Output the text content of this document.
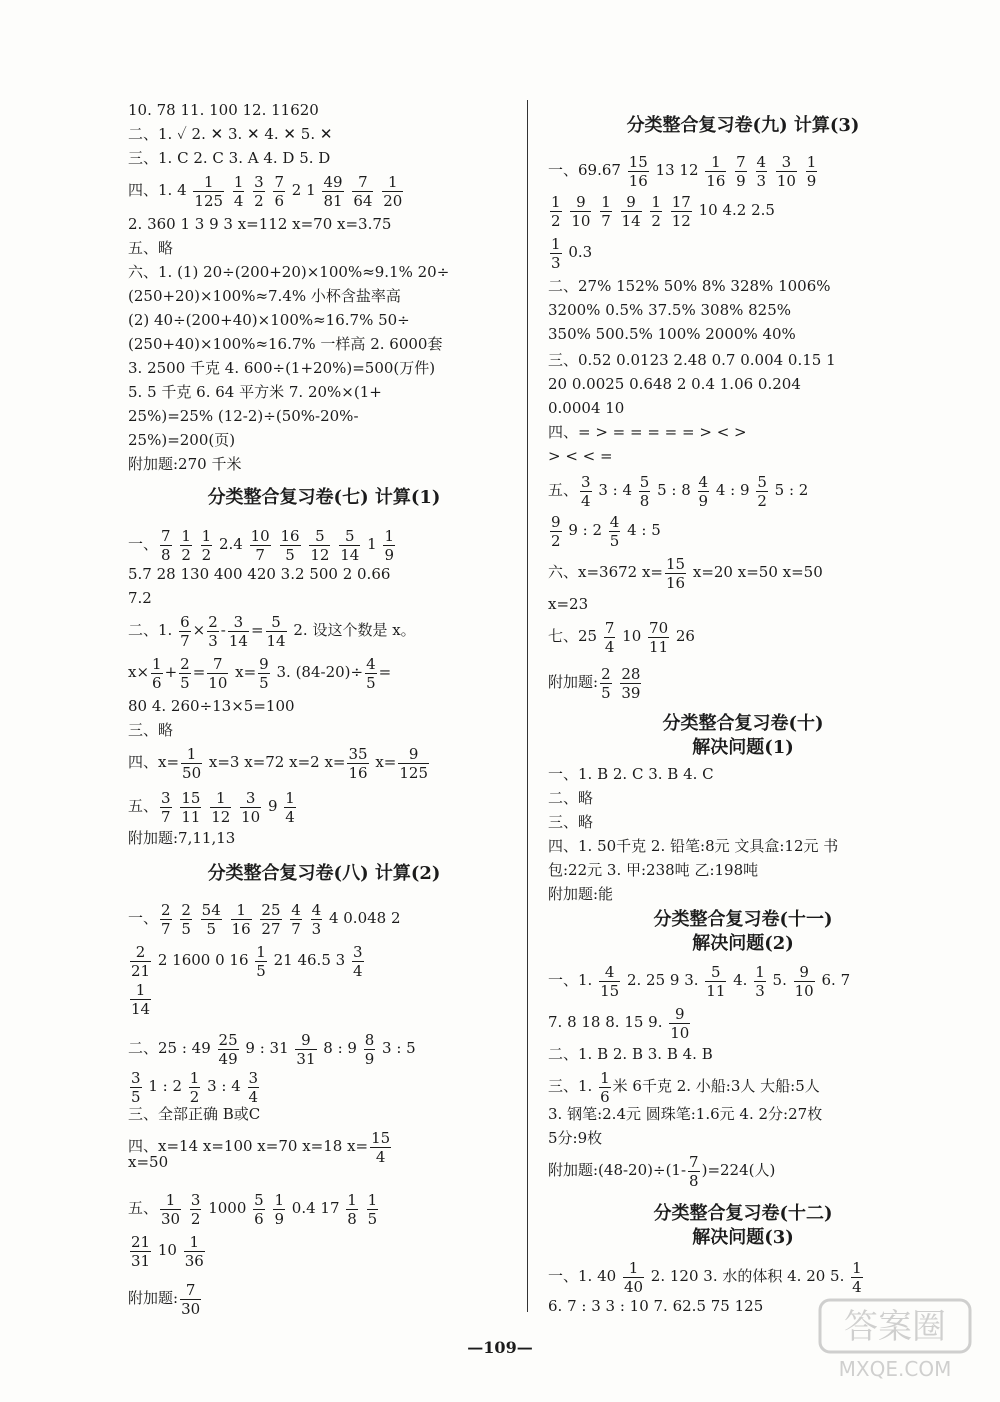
10. 78 11. 100 12. 11620
二、1. ✓ 2. ✕ 3. ✕ 4. ✕ 5. ✕
三、1. C 2. C 3. A 4. D 5. D
四、1. $4 \frac{1}{125}$
$\frac{1}{4}$
$\frac{3}{2}$
$\frac{7}{6} 2$ $1 \frac{49}{81}$
$\frac{7}{64}$
$\frac{1}{20}$
2. 360 1 3 9 3 x=112 x=70 x=3.75
五、略
六、1. (1) 20÷(200+20)×100%≈9.1% 20÷
(250+20)×100%≈7.4% 小杯含盐率高
(2) 40÷(200+40)×100%≈16.7% 50÷
(250+40)×100%≈16.7% 一样高 2. 6000套
3. 2500 千克 4. 600÷(1+20%)=500(万件)
5. 5 千克 6. 64 平方米 7. 20%×(1+
25%)=25% (12-2)÷(50%-20%-
25%)=200(页)
附加题:270 千米
分类整合复习卷(七) 计算(1)
一、 $\frac{7}{8}$
$\frac{1}{2}$
$\frac{1}{2} 2.4 \frac{10}{7}$
$\frac{16}{5}$
$\frac{5}{12}$
$\frac{5}{14} 1 \frac{1}{9}$
5.7 28 130 400 420 3.2 500 2 0.66
7.2
二、1. $\frac{6}{7} \times \frac{2}{3} - \frac{3}{14} = \frac{5}{14} 2$. 设这个数是 x。
$x\times \frac{1}{6} + \frac{2}{5} = \frac{7}{10} x= \frac{9}{5} 3$. $(84-20)\div \frac{4}{5}$ =
80 4. 260÷13×5=100
三、略
四、$x= \frac{1}{50} x=3$ x=72 x=2 $x= \frac{35}{16} x= \frac{9}{125}$
五、 $\frac{3}{7}$
$\frac{15}{11}$
$\frac{1}{12}$
$\frac{3}{10} 9 \frac{1}{4}$
附加题:7,11,13
分类整合复习卷(八) 计算(2)
一、 $\frac{2}{7}$
$\frac{2}{5}$
$\frac{54}{5}$
$\frac{1}{16}$
$\frac{25}{27}$
$\frac{4}{7}$
$\frac{4}{3} 4$ 0.048 2
$\frac{2}{21} 2$ 1600 0 $16 \frac{1}{5} 21$ 46.5 $3 \frac{3}{4}$
$\frac{1}{14}$
二、25 : $49 \frac{25}{49} 9$ : $31 \frac{9}{31} 8$ : $9 \frac{8}{9} 3$ : 5
$\frac{3}{5} 1$ : $2 \frac{1}{2} 3$ : $4 \frac{3}{4}$
三、全部正确 B或C
四、x=14 x=100 x=70 x=18 $x= \frac{15}{4}$
x=50
五、 $\frac{1}{30}$
$\frac{3}{2} 1000 \frac{5}{6}$
$\frac{1}{9} 0.4$ $17 \frac{1}{8}$
$\frac{1}{5}$
$\frac{21}{31} 10 \frac{1}{36}$
附加题: $\frac{7}{30}$
分类整合复习卷(九) 计算(3)
一、$69.67 \frac{15}{16} 13$ $12 \frac{1}{16}$
$\frac{7}{9}$
$\frac{4}{3}$
$\frac{3}{10}$
$\frac{1}{9}$
$\frac{1}{2}$
$\frac{9}{10}$
$\frac{1}{7}$
$\frac{9}{14}$
$\frac{1}{2}$
$\frac{17}{12} 10$ 4.2 2.5
$\frac{1}{3} 0.3$
二、27% 152% 50% 8% 328% 1006%
3200% 0.5% 37.5% 308% 825%
350% 500.5% 100% 2000% 40%
三、0.52 0.0123 2.48 0.7 0.004 0.15 1
20 0.0025 0.648 2 0.4 1.06 0.204
0.0004 10
四、= > = = = = = > < >
> < < =
五、 $\frac{3}{4} 3$ : $4 \frac{5}{8} 5$ : $8 \frac{4}{9} 4$ : $9 \frac{5}{2} 5$ : 2
$\frac{9}{2} 9$ : $2 \frac{4}{5} 4$ : 5
六、x=3672 $x= \frac{15}{16} x=20$ x=50 x=50
x=23
七、$25 \frac{7}{4} 10 \frac{70}{11} 26$
附加题: $\frac{2}{5}$
$\frac{28}{39}$
分类整合复习卷(十)
解决问题(1)
一、1. B 2. C 3. B 4. C
二、略
三、略
四、1. 50千克 2. 铅笔:8元 文具盒:12元 书
包:22元 3. 甲:238吨 乙:198吨
附加题:能
分类整合复习卷(十一)
解决问题(2)
一、1. $\frac{4}{15} 2$. 25 9 3. $\frac{5}{11} 4$. $\frac{1}{3} 5$. $\frac{9}{10} 6$. 7
7. 8 18 8. 15 9. $\frac{9}{10}$
二、1. B 2. B 3. B 4. B
三、1. $\frac{1}{6}$ 米 6千克 2. 小船:3人 大船:5人
3. 钢笔:2.4元 圆珠笔:1.6元 4. 2分:27枚
5分:9枚
附加题:(48-20)÷(1- $\frac{7}{8} )=224$(人)
分类整合复习卷(十二)
解决问题(3)
一、1. $40 \frac{1}{40} 2$. 120 3. 水的体积 4. 20 5. $\frac{1}{4}$
6. 7 : 3 3 : 10 7. 62.5 75 125
—109—
答案圈
MXQE.COM
